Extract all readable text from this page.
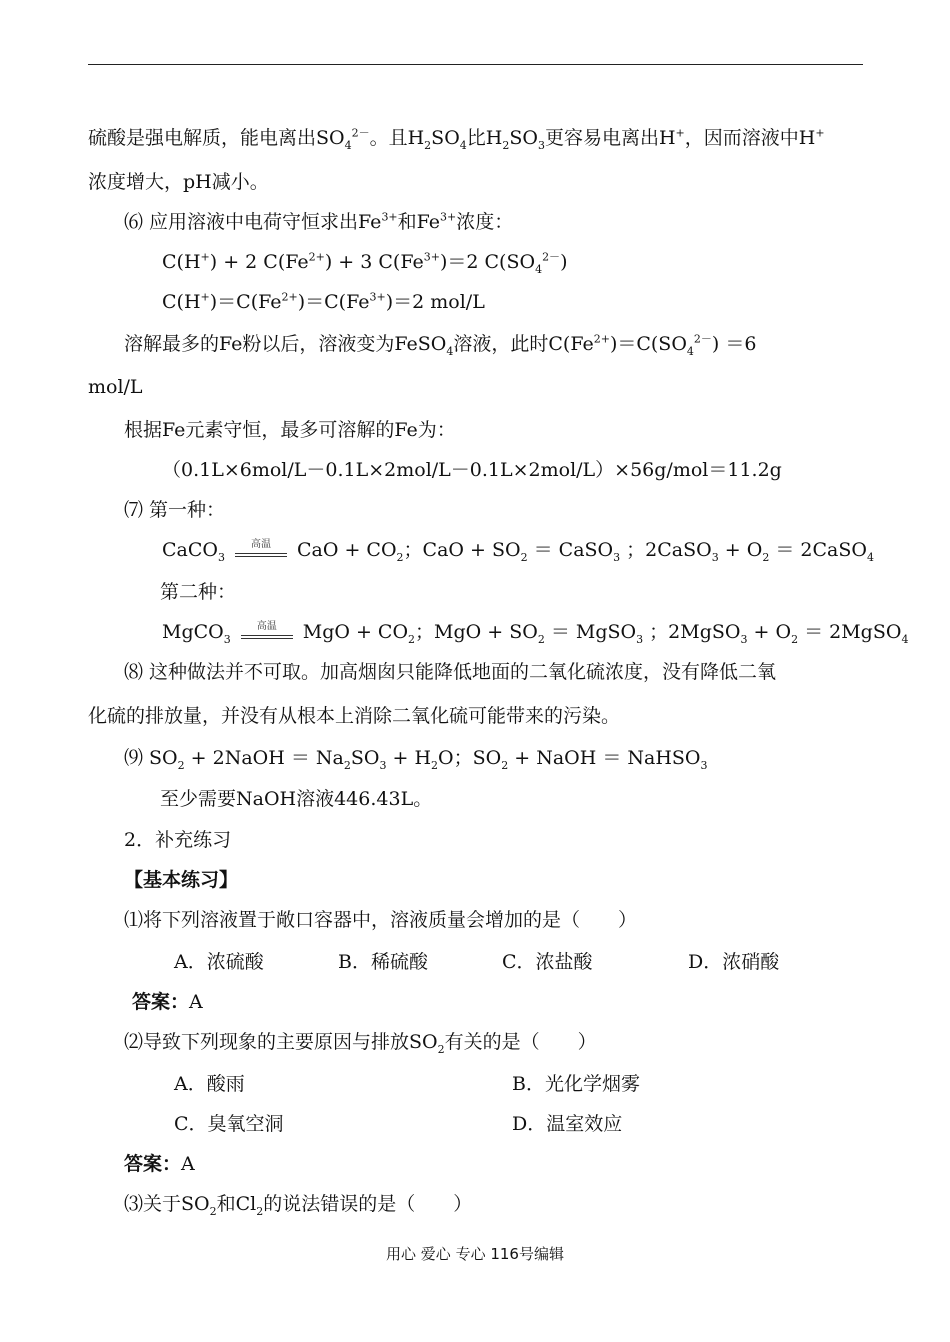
硫酸是强电解质，能电离出$SO_4^{2-}$。且$H_2SO_4$比$H_2SO_3$更容易电离出H+，因而溶液中H+
浓度增大，pH减小。
⑹ 应用溶液中电荷守恒求出$Fe^{3+}$和$Fe^{3+}$浓度：
C(H+) + 2 $C(Fe^{2+}) + 3$ $C(Fe^{3+})=2$ $C(SO_4^{2-})$
$C(H^+)=C(Fe^{2+})=C(Fe^{3+})=2$ mol/L
溶解最多的Fe粉以后，溶液变为FeSO$_4$溶液，此时$C(Fe^{2+})=C(SO_4^{2-}) =6$
mol/L
根据Fe元素守恒，最多可溶解的Fe为：
（0.1L×6mol/L－0.1L×2mol/L－0.1L×2mol/L）×56g/mol＝11.2g
⑺ 第一种：
CaCO$_3$
高温	CaO + $CO_2$；CaO + $SO_2$ ＝ CaSO$_3$ ；2CaSO$_3$ + $O_2$ ＝ 2CaSO$_4$
第二种：
MgCO$_3$
高温	MgO + $CO_2$；MgO + $SO_2$ ＝ MgSO$_3$ ；2MgSO$_3$ + $O_2$ ＝ 2MgSO$_4$
⑻ 这种做法并不可取。加高烟囱只能降低地面的二氧化硫浓度，没有降低二氧
化硫的排放量，并没有从根本上消除二氧化硫可能带来的污染。
⑼ $SO_2$ + 2NaOH ＝ $Na_2SO_3 + H_2O$；$SO_2$ + NaOH ＝ NaHSO$_3$
至少需要NaOH溶液446.43L。
2．补充练习
【基本练习】
⑴将下列溶液置于敞口容器中，溶液质量会增加的是（　　）
A．浓硫酸	B．稀硫酸	C．浓盐酸	D．浓硝酸
答案：A
⑵导致下列现象的主要原因与排放$SO_2$有关的是（　　）
A．酸雨	B．光化学烟雾
C．臭氧空洞	D．温室效应
答案：A
⑶关于$SO_2$和$Cl_2$的说法错误的是（　　）
用心 爱心 专心 116号编辑
